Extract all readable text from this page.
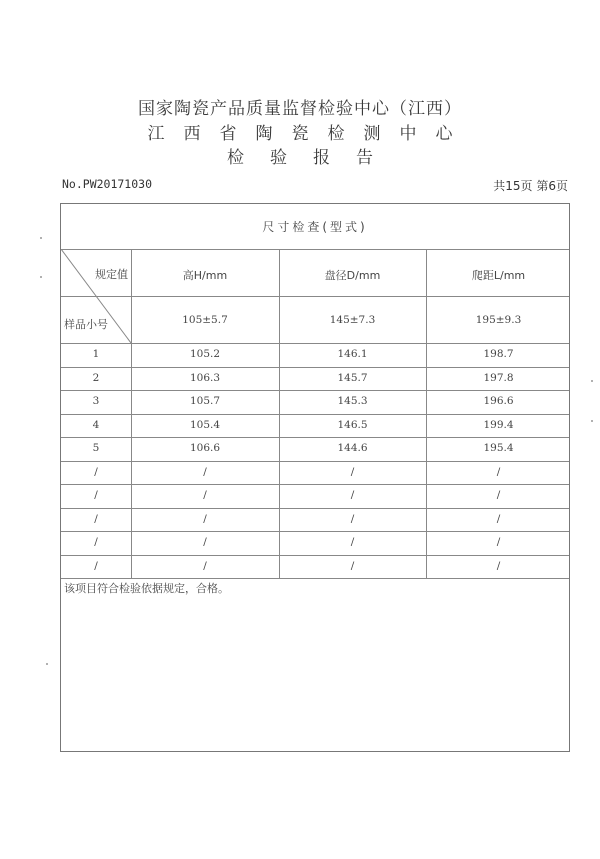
国家陶瓷产品质量监督检验中心（江西）
江西省陶瓷检测中心
检验报告
No.PW20171030	共15页 第6页
尺寸检查(型式)
规定值
样品小号
高H/mm	盘径D/mm	爬距L/mm
105±5.7	145±7.3	195±9.3
1	105.2	146.1	198.7
2	106.3	145.7	197.8
3	105.7	145.3	196.6
4	105.4	146.5	199.4
5	106.6	144.6	195.4
/	/	/	/
/	/	/	/
/	/	/	/
/	/	/	/
/	/	/	/
该项目符合检验依据规定，合格。
